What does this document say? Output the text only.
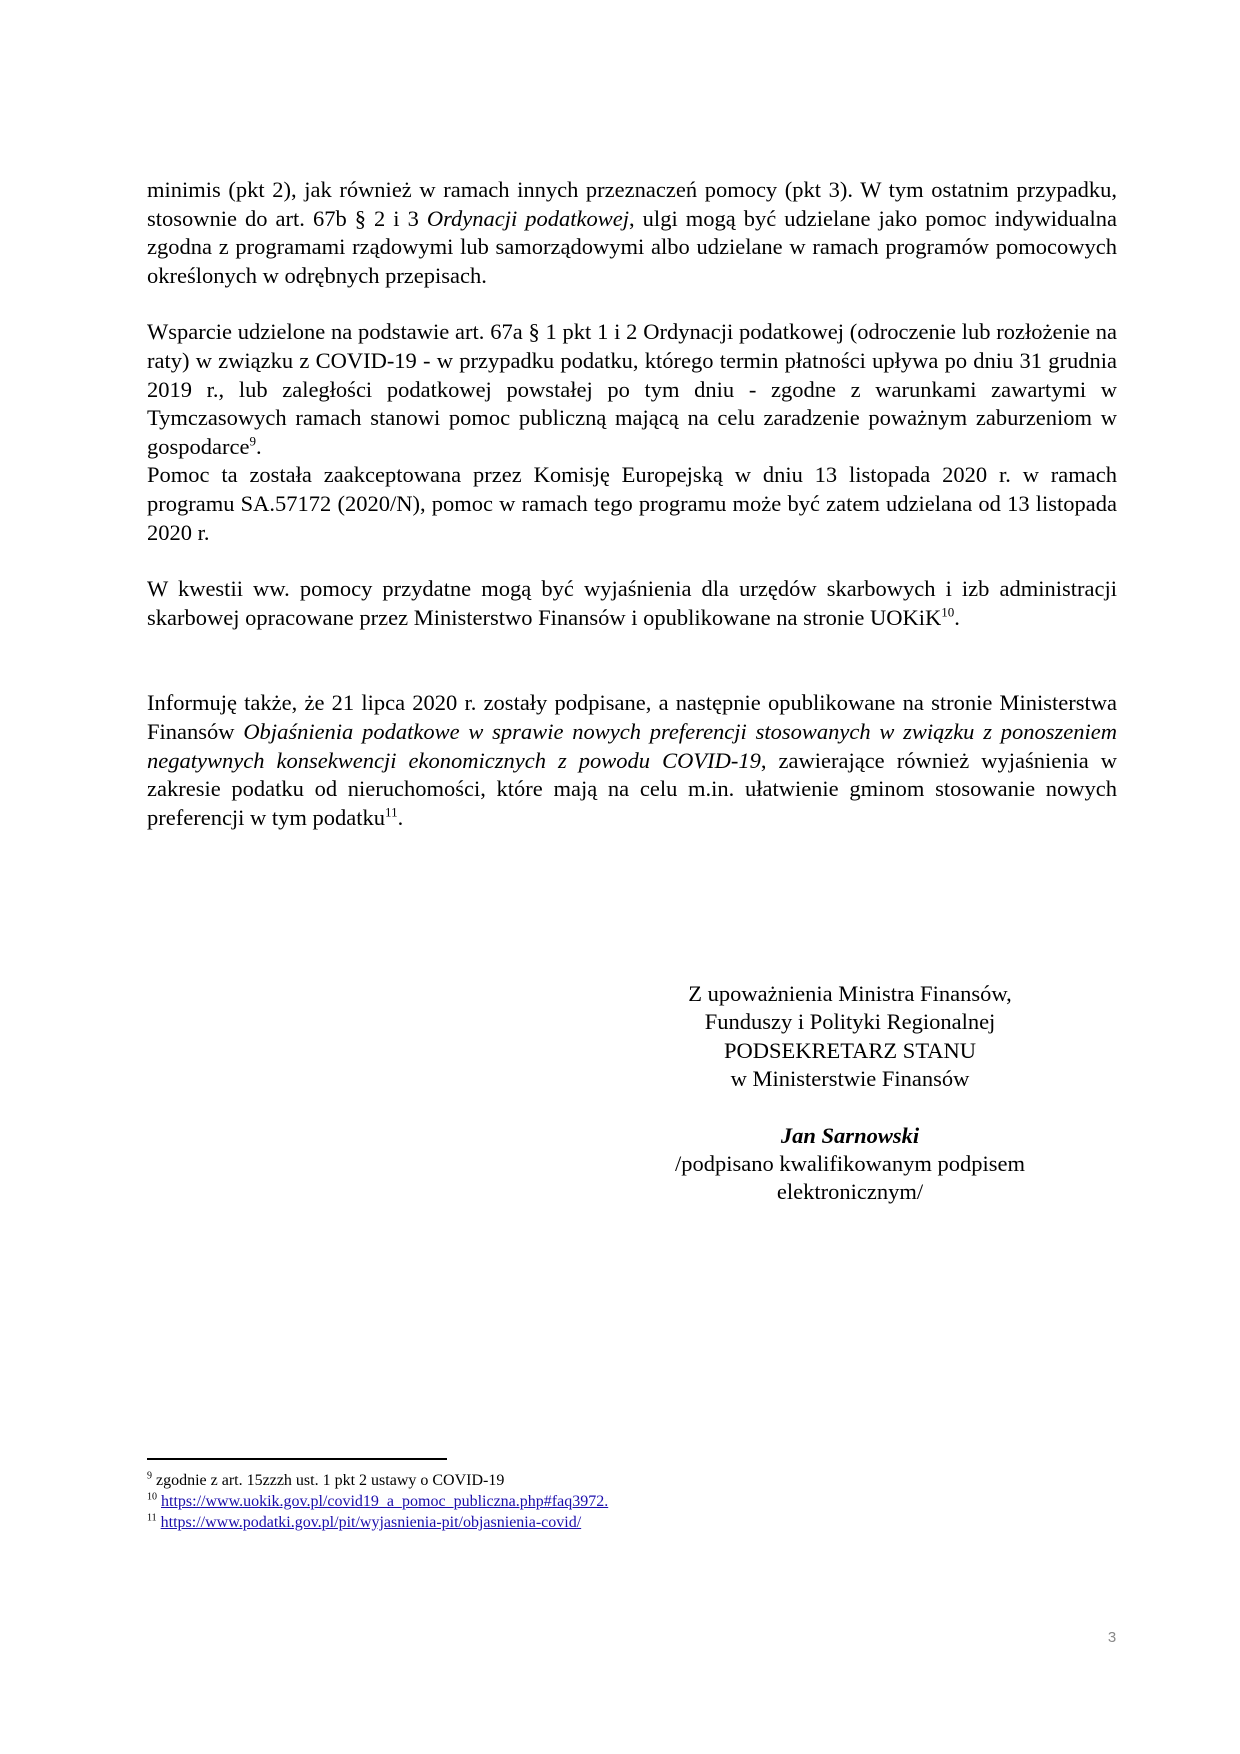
minimis (pkt 2), jak również w ramach innych przeznaczeń pomocy (pkt 3). W tym ostatnim przypadku, stosownie do art. 67b § 2 i 3 Ordynacji podatkowej, ulgi mogą być udzielane jako pomoc indywidualna zgodna z programami rządowymi lub samorządowymi albo udzielane w ramach programów pomocowych określonych w odrębnych przepisach.

Wsparcie udzielone na podstawie art. 67a § 1 pkt 1 i 2 Ordynacji podatkowej (odroczenie lub rozłożenie na raty) w związku z COVID-19 - w przypadku podatku, którego termin płatności upływa po dniu 31 grudnia 2019 r., lub zaległości podatkowej powstałej po tym dniu - zgodne z warunkami zawartymi w Tymczasowych ramach stanowi pomoc publiczną mającą na celu zaradzenie poważnym zaburzeniom w gospodarce$^9$.

Pomoc ta została zaakceptowana przez Komisję Europejską w dniu 13 listopada 2020 r. w ramach programu SA.57172 (2020/N), pomoc w ramach tego programu może być zatem udzielana od 13 listopada 2020 r.

W kwestii ww. pomocy przydatne mogą być wyjaśnienia dla urzędów skarbowych i izb administracji skarbowej opracowane przez Ministerstwo Finansów i opublikowane na stronie UOKiK$^{10}$.

Informuję także, że 21 lipca 2020 r. zostały podpisane, a następnie opublikowane na stronie Ministerstwa Finansów Objaśnienia podatkowe w sprawie nowych preferencji stosowanych w związku z ponoszeniem negatywnych konsekwencji ekonomicznych z powodu COVID-19, zawierające również wyjaśnienia w zakresie podatku od nieruchomości, które mają na celu m.in. ułatwienie gminom stosowanie nowych preferencji w tym podatku$^{11}$.

Z upoważnienia Ministra Finansów,
Funduszy i Polityki Regionalnej
PODSEKRETARZ STANU
w Ministerstwie Finansów
Jan Sarnowski
/podpisano kwalifikowanym podpisem
elektronicznym/
$^9$ zgodnie z art. 15zzzh ust. 1 pkt 2 ustawy o COVID-19
$^{10}$ https://www.uokik.gov.pl/covid19_a_pomoc_publiczna.php#faq3972.
$^{11}$ https://www.podatki.gov.pl/pit/wyjasnienia-pit/objasnienia-covid/
3
